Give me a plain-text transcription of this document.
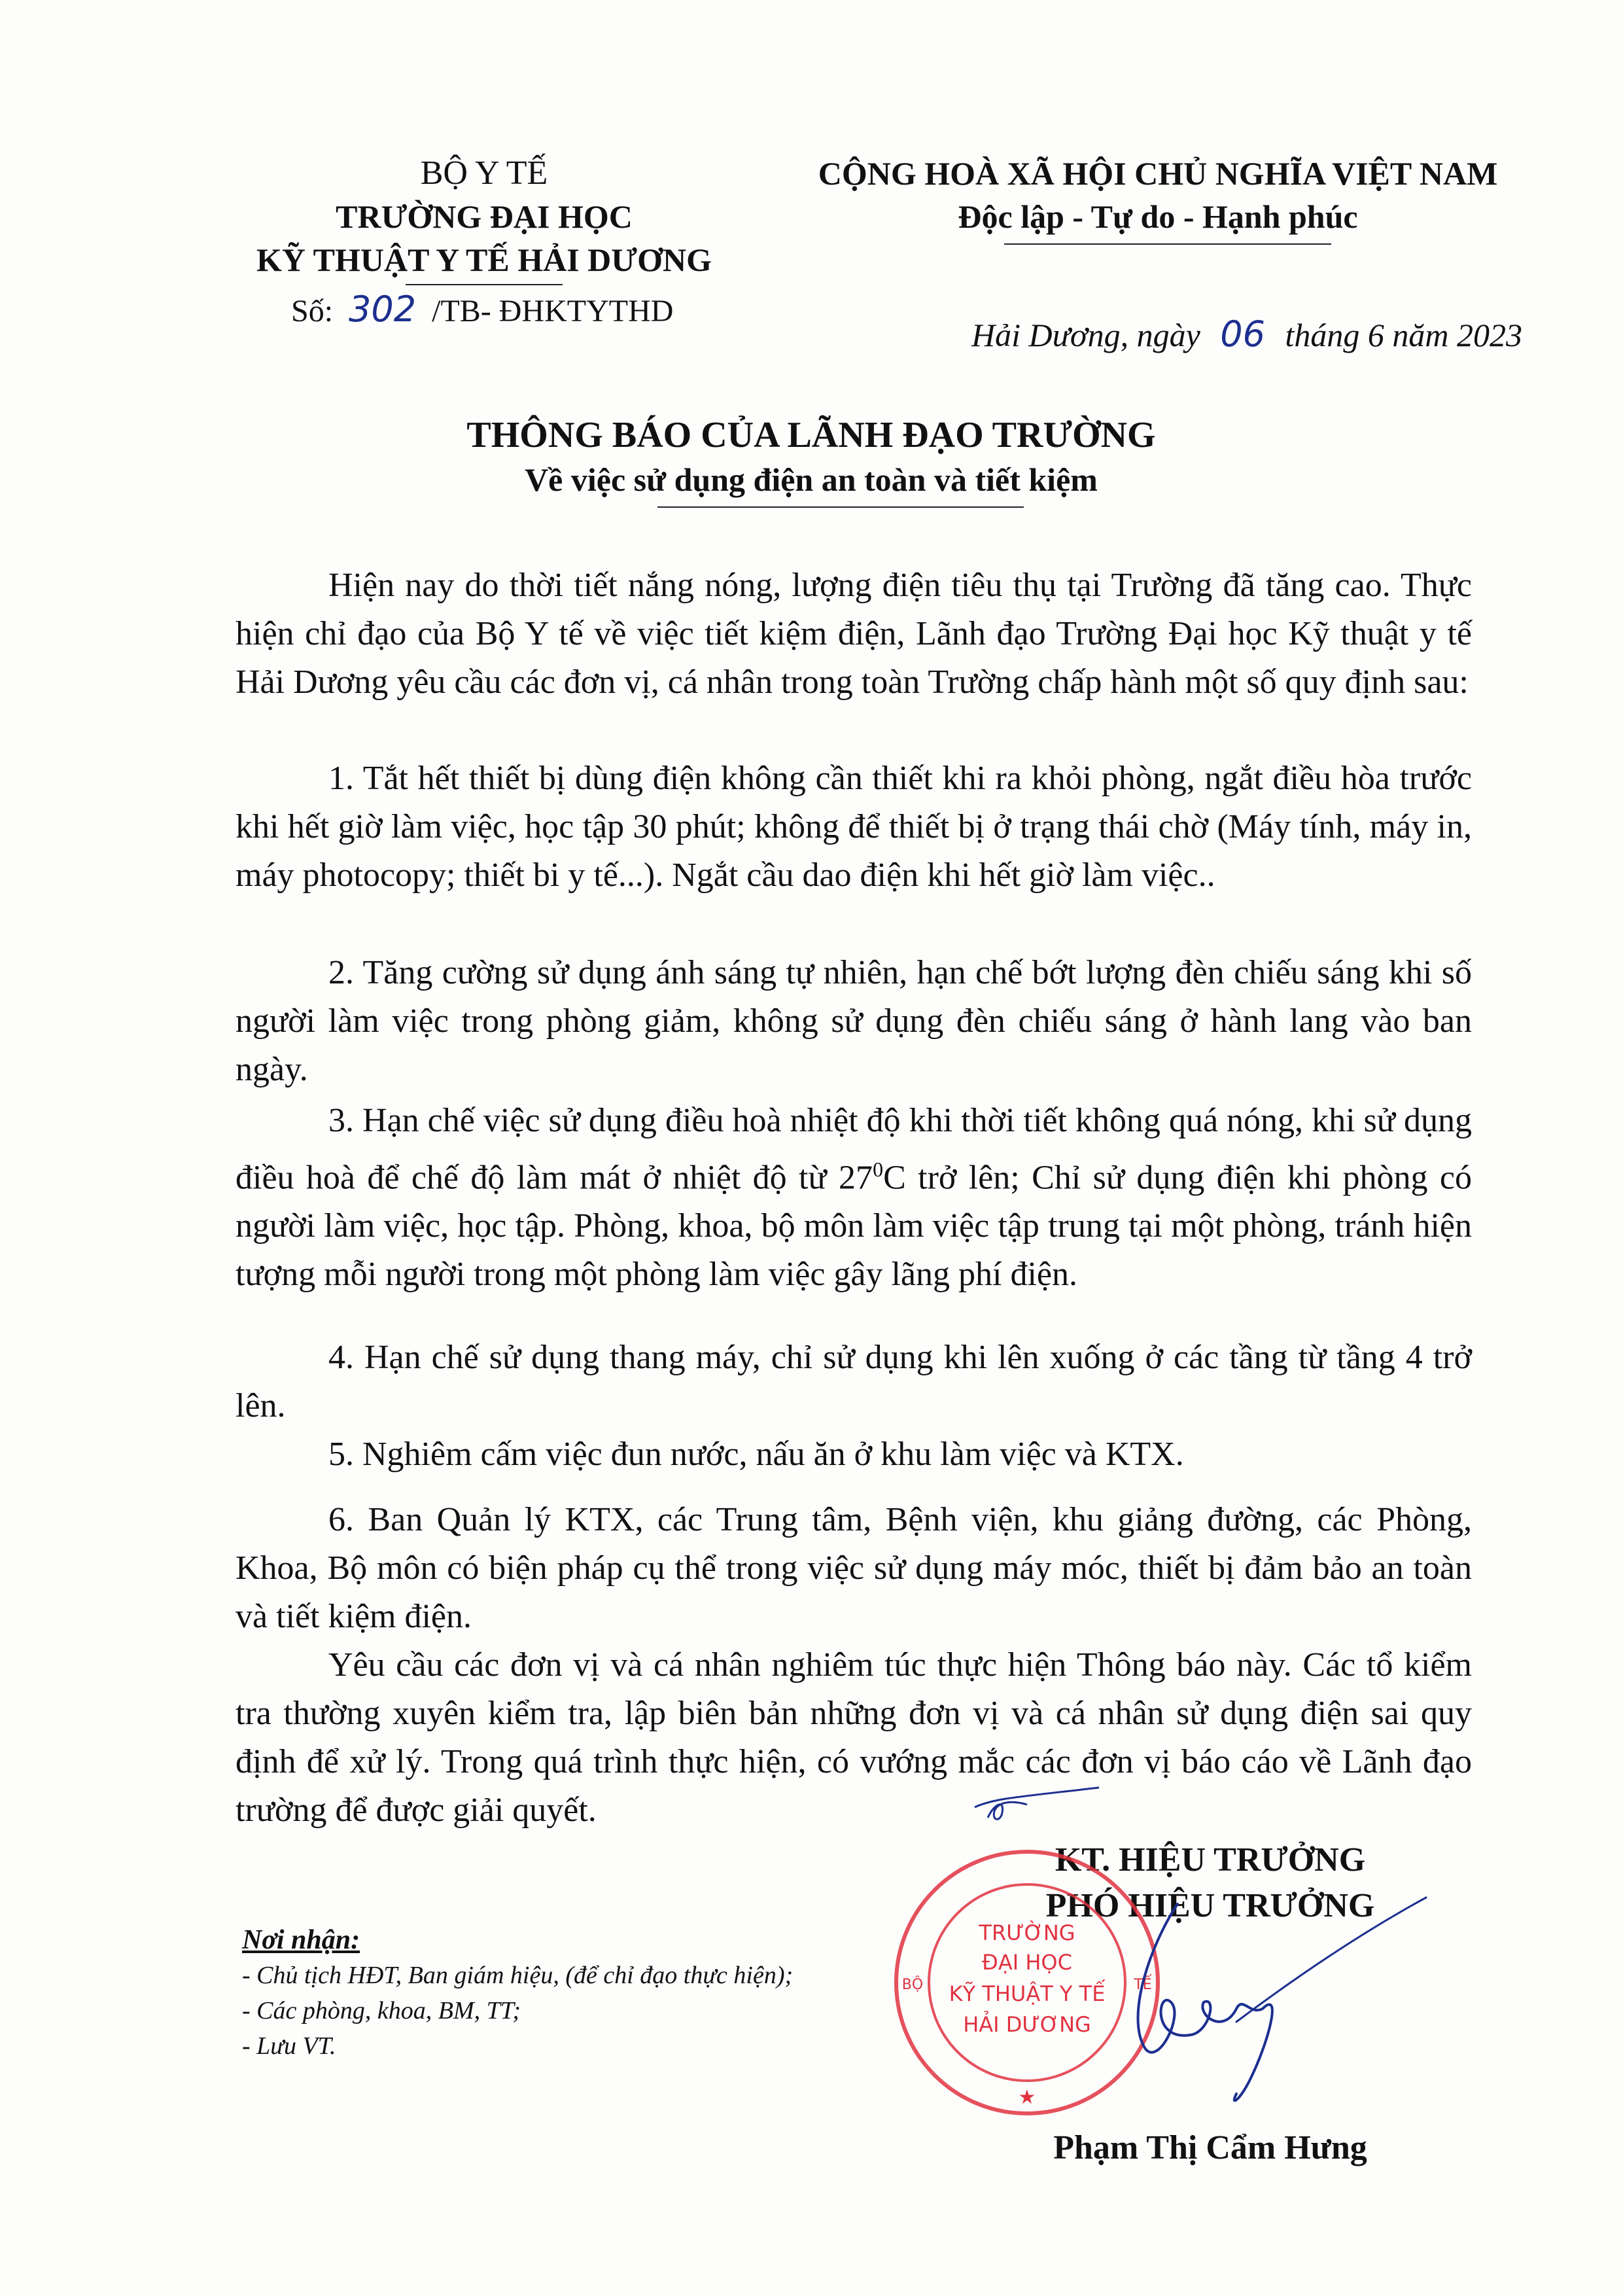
BỘ Y TẾ
TRƯỜNG ĐẠI HỌC
KỸ THUẬT Y TẾ HẢI DƯƠNG
Số: 302 /TB- ĐHKTYTHD
CỘNG HOÀ XÃ HỘI CHỦ NGHĨA VIỆT NAM
Độc lập - Tự do - Hạnh phúc
Hải Dương, ngày 06 tháng 6 năm 2023
THÔNG BÁO CỦA LÃNH ĐẠO TRƯỜNG
Về việc sử dụng điện an toàn và tiết kiệm

Hiện nay do thời tiết nắng nóng, lượng điện tiêu thụ tại Trường đã tăng cao. Thực hiện chỉ đạo của Bộ Y tế về việc tiết kiệm điện, Lãnh đạo Trường Đại học Kỹ thuật y tế Hải Dương yêu cầu các đơn vị, cá nhân trong toàn Trường chấp hành một số quy định sau:

1. Tắt hết thiết bị dùng điện không cần thiết khi ra khỏi phòng, ngắt điều hòa trước khi hết giờ làm việc, học tập 30 phút; không để thiết bị ở trạng thái chờ (Máy tính, máy in, máy photocopy; thiết bi y tế...). Ngắt cầu dao điện khi hết giờ làm việc..

2. Tăng cường sử dụng ánh sáng tự nhiên, hạn chế bớt lượng đèn chiếu sáng khi số người làm việc trong phòng giảm, không sử dụng đèn chiếu sáng ở hành lang vào ban ngày.

3. Hạn chế việc sử dụng điều hoà nhiệt độ khi thời tiết không quá nóng, khi sử dụng điều hoà để chế độ làm mát ở nhiệt độ từ $27^0C$ trở lên; Chỉ sử dụng điện khi phòng có người làm việc, học tập. Phòng, khoa, bộ môn làm việc tập trung tại một phòng, tránh hiện tượng mỗi người trong một phòng làm việc gây lãng phí điện.

4. Hạn chế sử dụng thang máy, chỉ sử dụng khi lên xuống ở các tầng từ tầng 4 trở lên.

5. Nghiêm cấm việc đun nước, nấu ăn ở khu làm việc và KTX.

6. Ban Quản lý KTX, các Trung tâm, Bệnh viện, khu giảng đường, các Phòng, Khoa, Bộ môn có biện pháp cụ thể trong việc sử dụng máy móc, thiết bị đảm bảo an toàn và tiết kiệm điện.

Yêu cầu các đơn vị và cá nhân nghiêm túc thực hiện Thông báo này. Các tổ kiểm tra thường xuyên kiểm tra, lập biên bản những đơn vị và cá nhân sử dụng điện sai quy định để xử lý. Trong quá trình thực hiện, có vướng mắc các đơn vị báo cáo về Lãnh đạo trường để được giải quyết.

Nơi nhận:
- Chủ tịch HĐT, Ban giám hiệu, (để chỉ đạo thực hiện);
- Các phòng, khoa, BM, TT;
- Lưu VT.
KT. HIỆU TRƯỞNG
PHÓ HIỆU TRƯỞNG
TRƯỜNG
ĐẠI HỌC
KỸ THUẬT Y TẾ
HẢI DƯƠNG
BỘ	TẾ
★
Phạm Thị Cẩm Hưng
